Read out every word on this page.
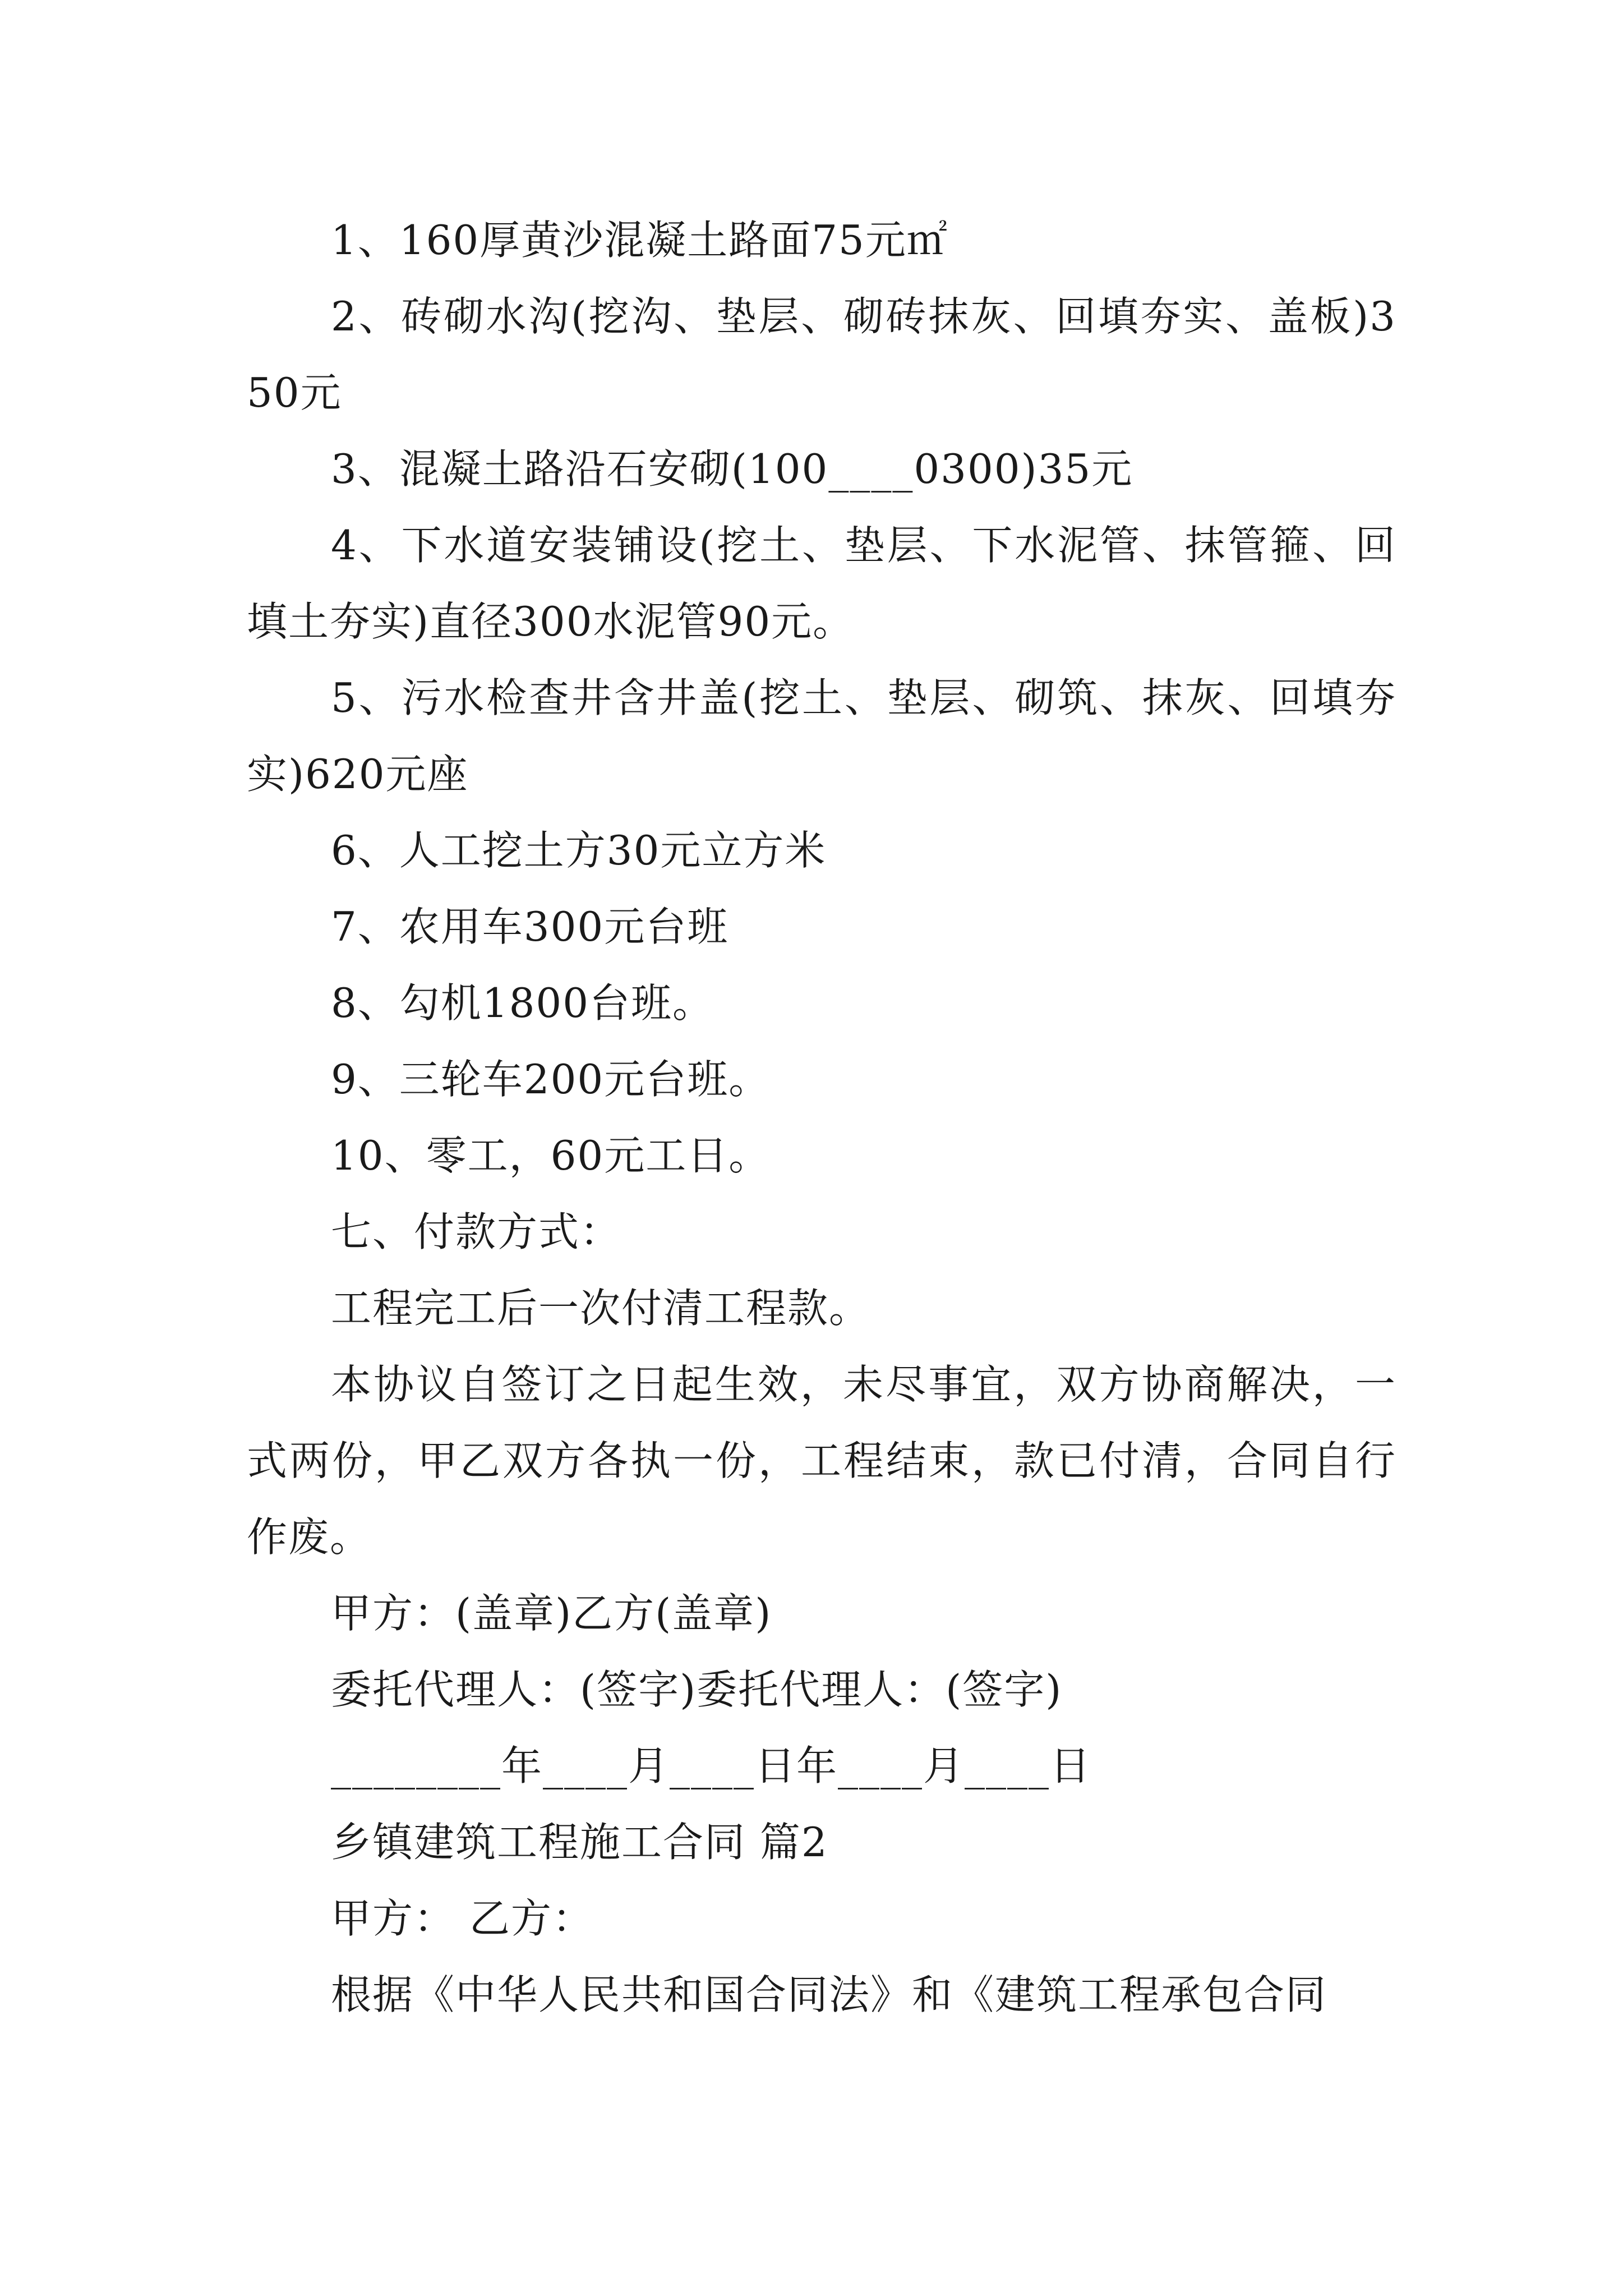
1、160厚黄沙混凝土路面75元㎡

2、砖砌水沟(挖沟、垫层、砌砖抹灰、回填夯实、盖板)350元

3、混凝土路沿石安砌(100____0300)35元

4、下水道安装铺设(挖土、垫层、下水泥管、抹管箍、回填土夯实)直径300水泥管90元。

5、污水检查井含井盖(挖土、垫层、砌筑、抹灰、回填夯实)620元座

6、人工挖土方30元立方米

7、农用车300元台班

8、勾机1800台班。

9、三轮车200元台班。

10、零工，60元工日。

七、付款方式：

工程完工后一次付清工程款。

本协议自签订之日起生效，未尽事宜，双方协商解决，一式两份，甲乙双方各执一份，工程结束，款已付清，合同自行作废。

甲方：(盖章)乙方(盖章)

委托代理人：(签字)委托代理人：(签字)

________年____月____日年____月____日

乡镇建筑工程施工合同 篇2

甲方： 乙方：

根据《中华人民共和国合同法》和《建筑工程承包合同
